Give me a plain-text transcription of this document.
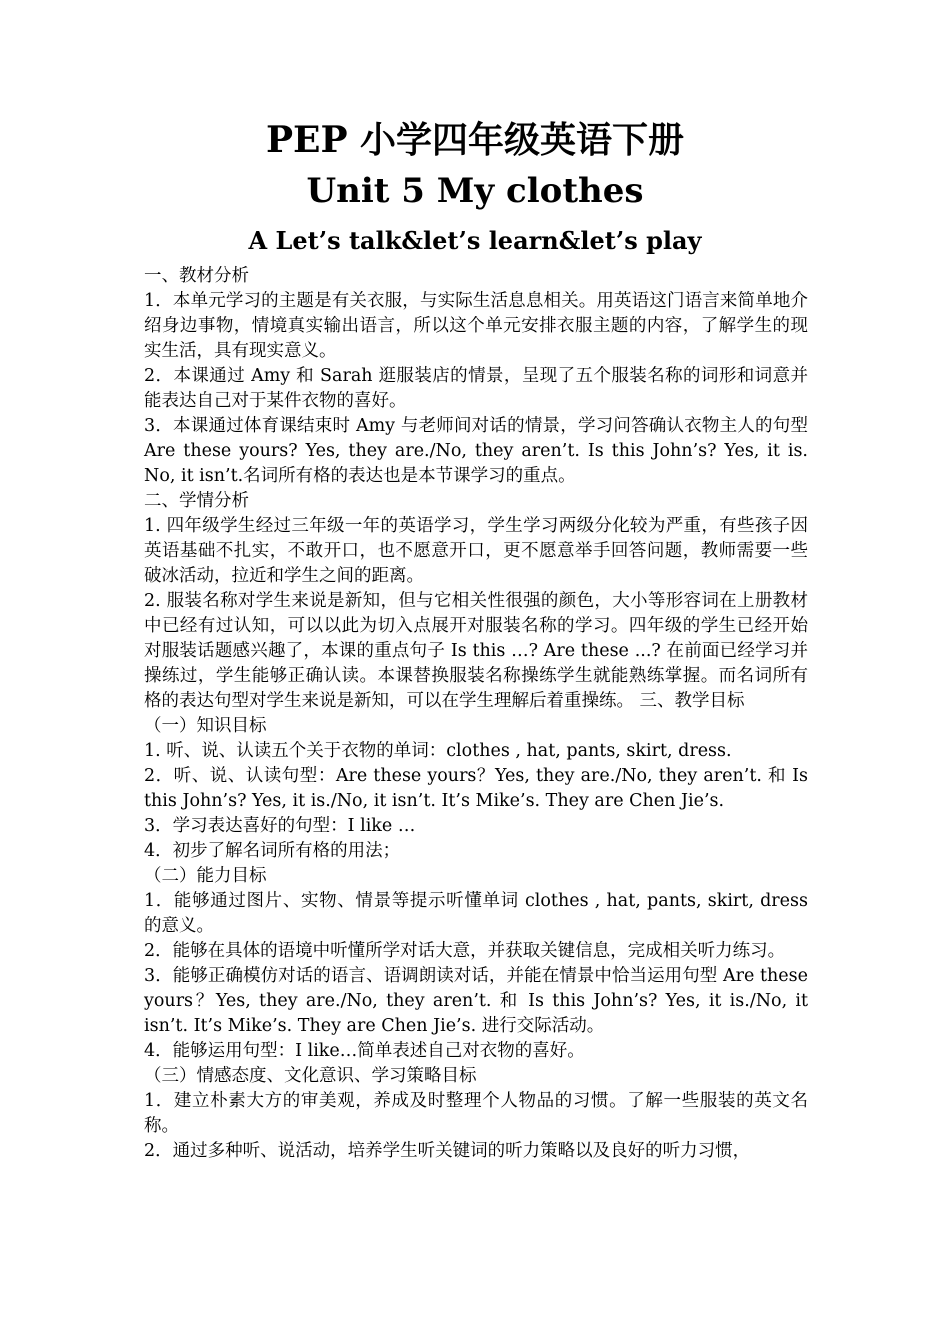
PEP 小学四年级英语下册
Unit 5 My clothes
A Let’s talk&let’s learn&let’s play

一、教材分析

1．本单元学习的主题是有关衣服，与实际生活息息相关。用英语这门语言来简单地介绍身边事物，情境真实输出语言，所以这个单元安排衣服主题的内容，了解学生的现实生活，具有现实意义。

2．本课通过 Amy 和 Sarah 逛服装店的情景，呈现了五个服装名称的词形和词意并能表达自己对于某件衣物的喜好。

3．本课通过体育课结束时 Amy 与老师间对话的情景，学习问答确认衣物主人的句型 Are these yours? Yes, they are./No, they aren’t. Is this John’s? Yes, it is. No, it isn’t.名词所有格的表达也是本节课学习的重点。

二、学情分析

1. 四年级学生经过三年级一年的英语学习，学生学习两级分化较为严重，有些孩子因英语基础不扎实，不敢开口，也不愿意开口，更不愿意举手回答问题，教师需要一些破冰活动，拉近和学生之间的距离。

2. 服装名称对学生来说是新知，但与它相关性很强的颜色，大小等形容词在上册教材中已经有过认知，可以以此为切入点展开对服装名称的学习。四年级的学生已经开始对服装话题感兴趣了，本课的重点句子 Is this …? Are these ...? 在前面已经学习并操练过，学生能够正确认读。本课替换服装名称操练学生就能熟练掌握。而名词所有格的表达句型对学生来说是新知，可以在学生理解后着重操练。 三、教学目标

（一）知识目标

1. 听、说、认读五个关于衣物的单词：clothes , hat, pants, skirt, dress.

2．听、说、认读句型：Are these yours？Yes, they are./No, they aren’t. 和 Is this John’s? Yes, it is./No, it isn’t. It’s Mike’s. They are Chen Jie’s.

3．学习表达喜好的句型：I like …

4．初步了解名词所有格的用法；

（二）能力目标

1．能够通过图片、实物、情景等提示听懂单词 clothes , hat, pants, skirt, dress 的意义。

2．能够在具体的语境中听懂所学对话大意，并获取关键信息，完成相关听力练习。

3．能够正确模仿对话的语言、语调朗读对话，并能在情景中恰当运用句型 Are these yours？Yes, they are./No, they aren’t. 和 Is this John’s? Yes, it is./No, it isn’t. It’s Mike’s. They are Chen Jie’s. 进行交际活动。

4．能够运用句型：I like…简单表述自己对衣物的喜好。

（三）情感态度、文化意识、学习策略目标

1．建立朴素大方的审美观，养成及时整理个人物品的习惯。了解一些服装的英文名称。

2．通过多种听、说活动，培养学生听关键词的听力策略以及良好的听力习惯，
